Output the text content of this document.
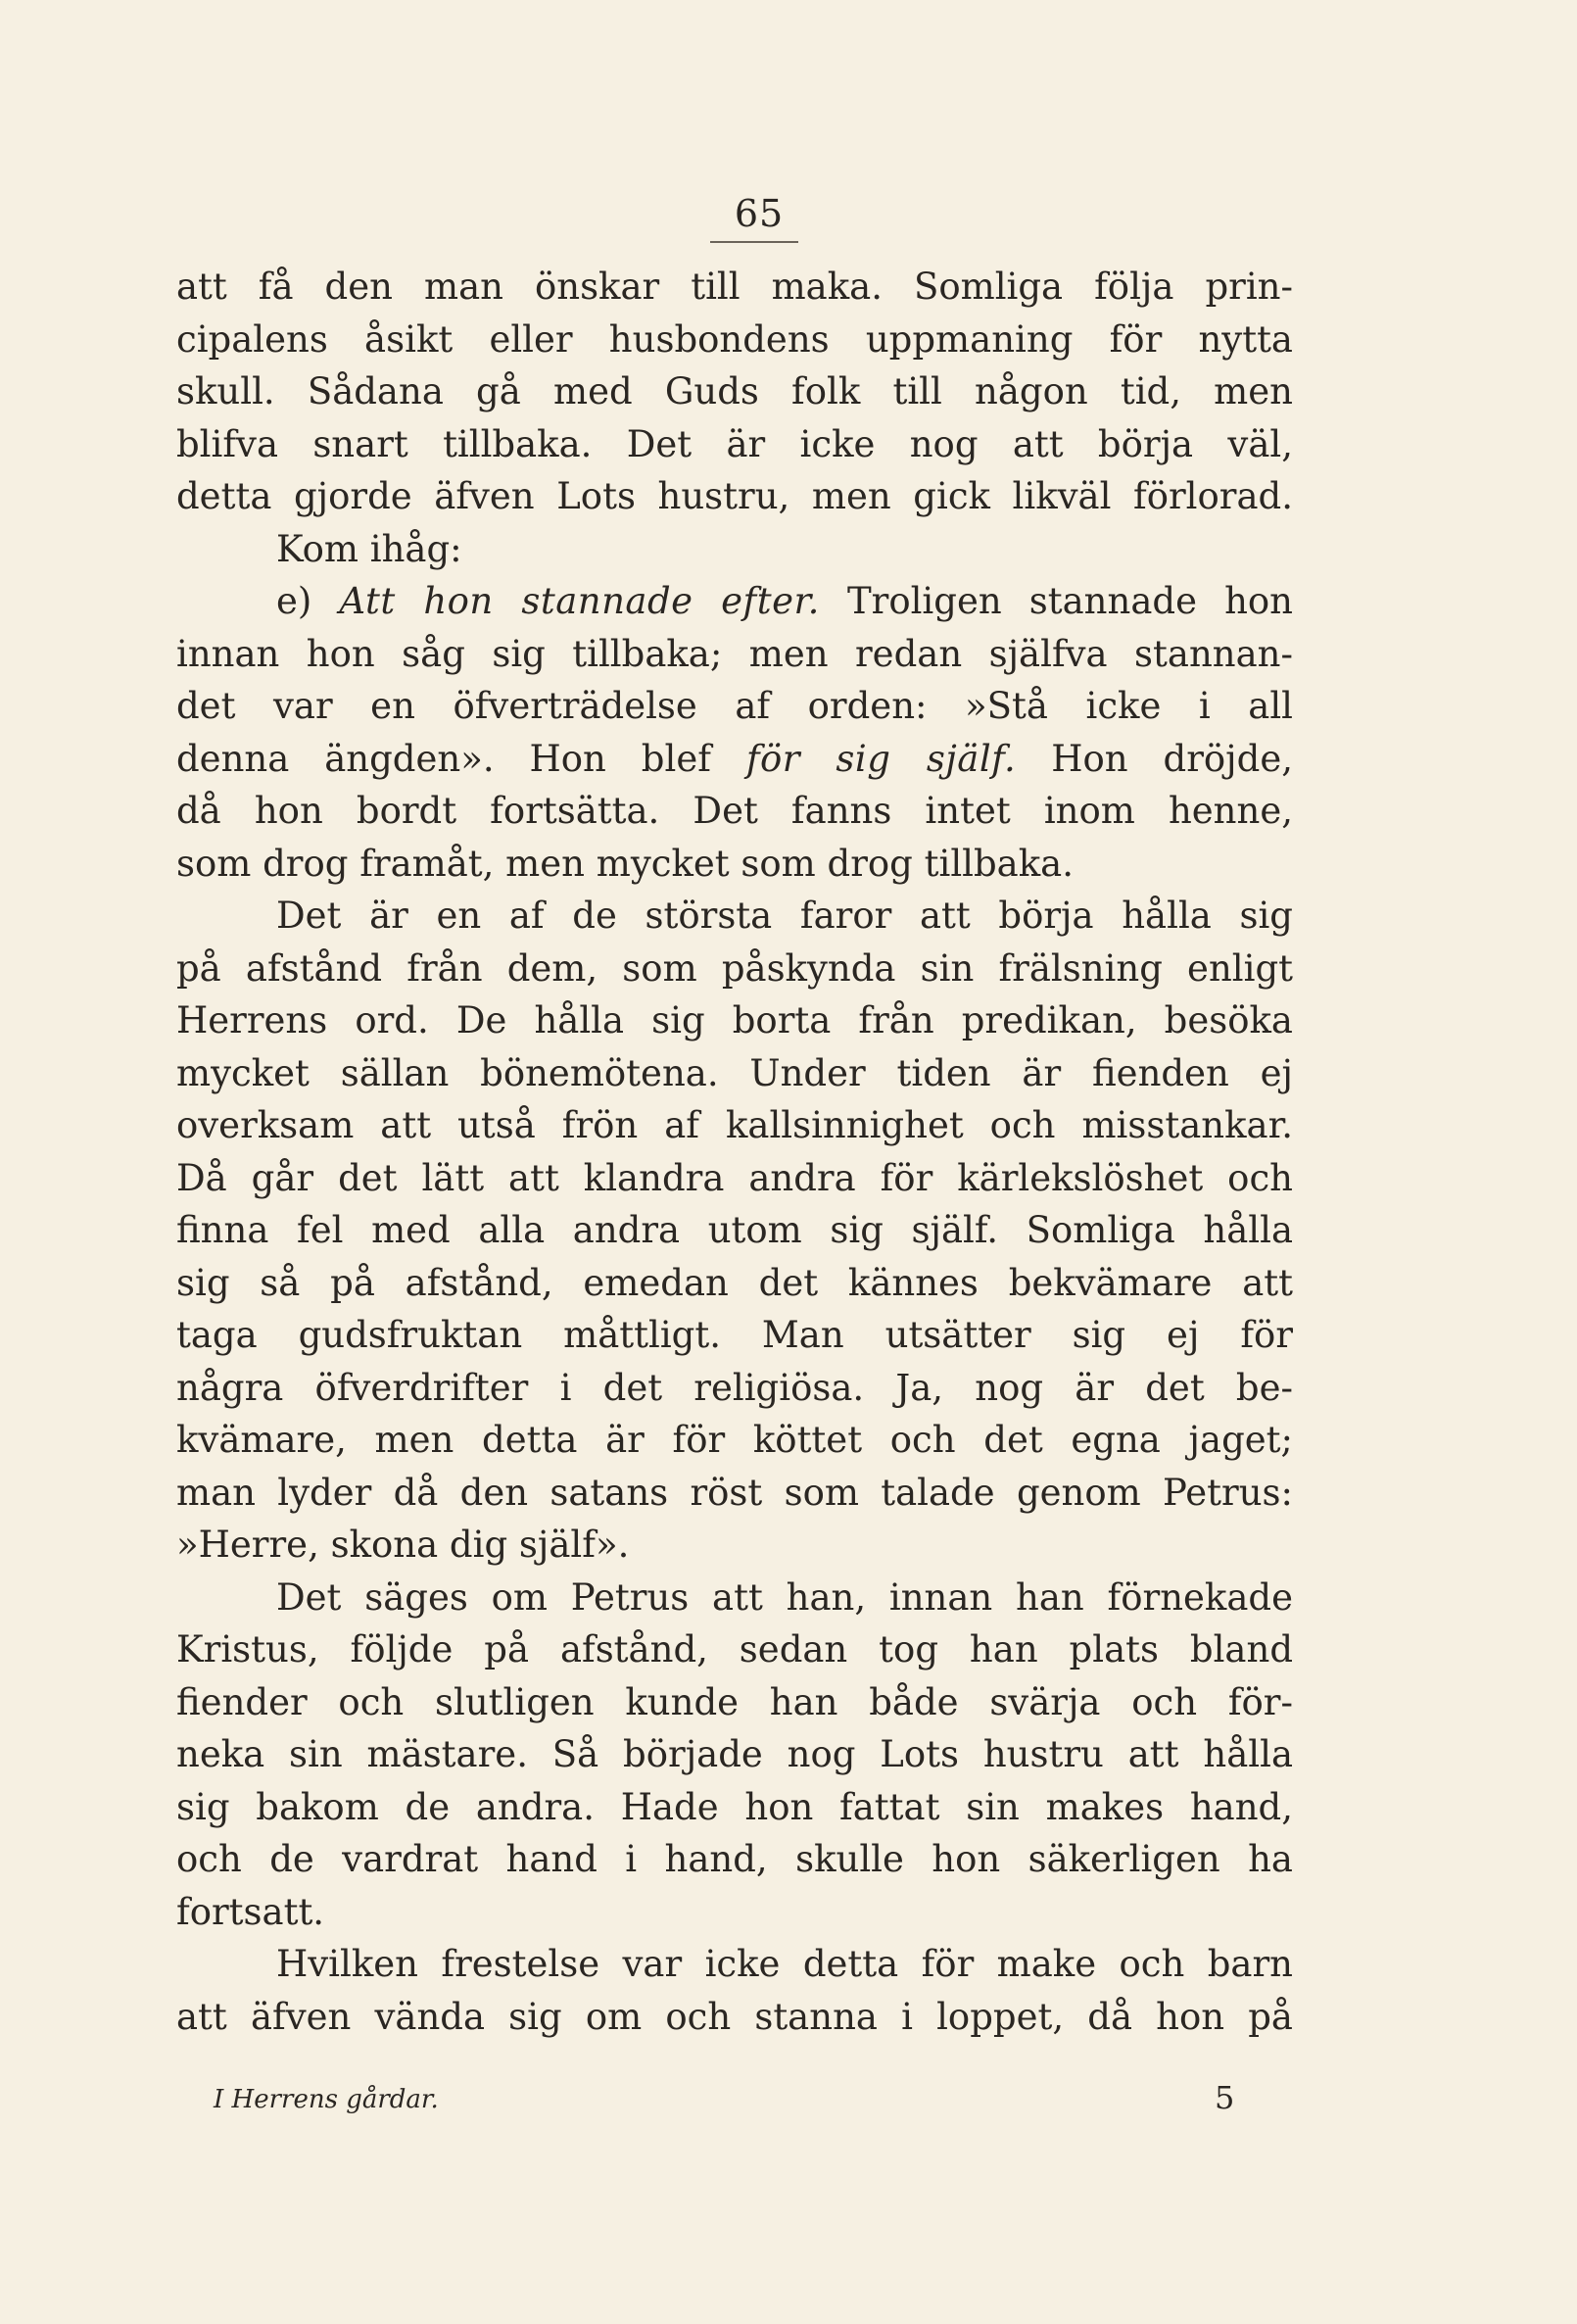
65
att få den man önskar till maka. Somliga följa prin-
cipalens åsikt eller husbondens uppmaning för nytta
skull. Sådana gå med Guds folk till någon tid, men
blifva snart tillbaka. Det är icke nog att börja väl,
detta gjorde äfven Lots hustru, men gick likväl förlorad.
Kom ihåg:
e) Att hon stannade efter. Troligen stannade hon
innan hon såg sig tillbaka; men redan själfva stannan-
det var en öfverträdelse af orden: »Stå icke i all
denna ängden». Hon blef för sig själf. Hon dröjde,
då hon bordt fortsätta. Det fanns intet inom henne,
som drog framåt, men mycket som drog tillbaka.
Det är en af de största faror att börja hålla sig
på afstånd från dem, som påskynda sin frälsning enligt
Herrens ord. De hålla sig borta från predikan, besöka
mycket sällan bönemötena. Under tiden är fienden ej
overksam att utså frön af kallsinnighet och misstankar.
Då går det lätt att klandra andra för kärlekslöshet och
finna fel med alla andra utom sig själf. Somliga hålla
sig så på afstånd, emedan det kännes bekvämare att
taga gudsfruktan måttligt. Man utsätter sig ej för
några öfverdrifter i det religiösa. Ja, nog är det be-
kvämare, men detta är för köttet och det egna jaget;
man lyder då den satans röst som talade genom Petrus:
»Herre, skona dig själf».
Det säges om Petrus att han, innan han förnekade
Kristus, följde på afstånd, sedan tog han plats bland
fiender och slutligen kunde han både svärja och för-
neka sin mästare. Så började nog Lots hustru att hålla
sig bakom de andra. Hade hon fattat sin makes hand,
och de vardrat hand i hand, skulle hon säkerligen ha
fortsatt.
Hvilken frestelse var icke detta för make och barn
att äfven vända sig om och stanna i loppet, då hon på
I Herrens gårdar.	5
